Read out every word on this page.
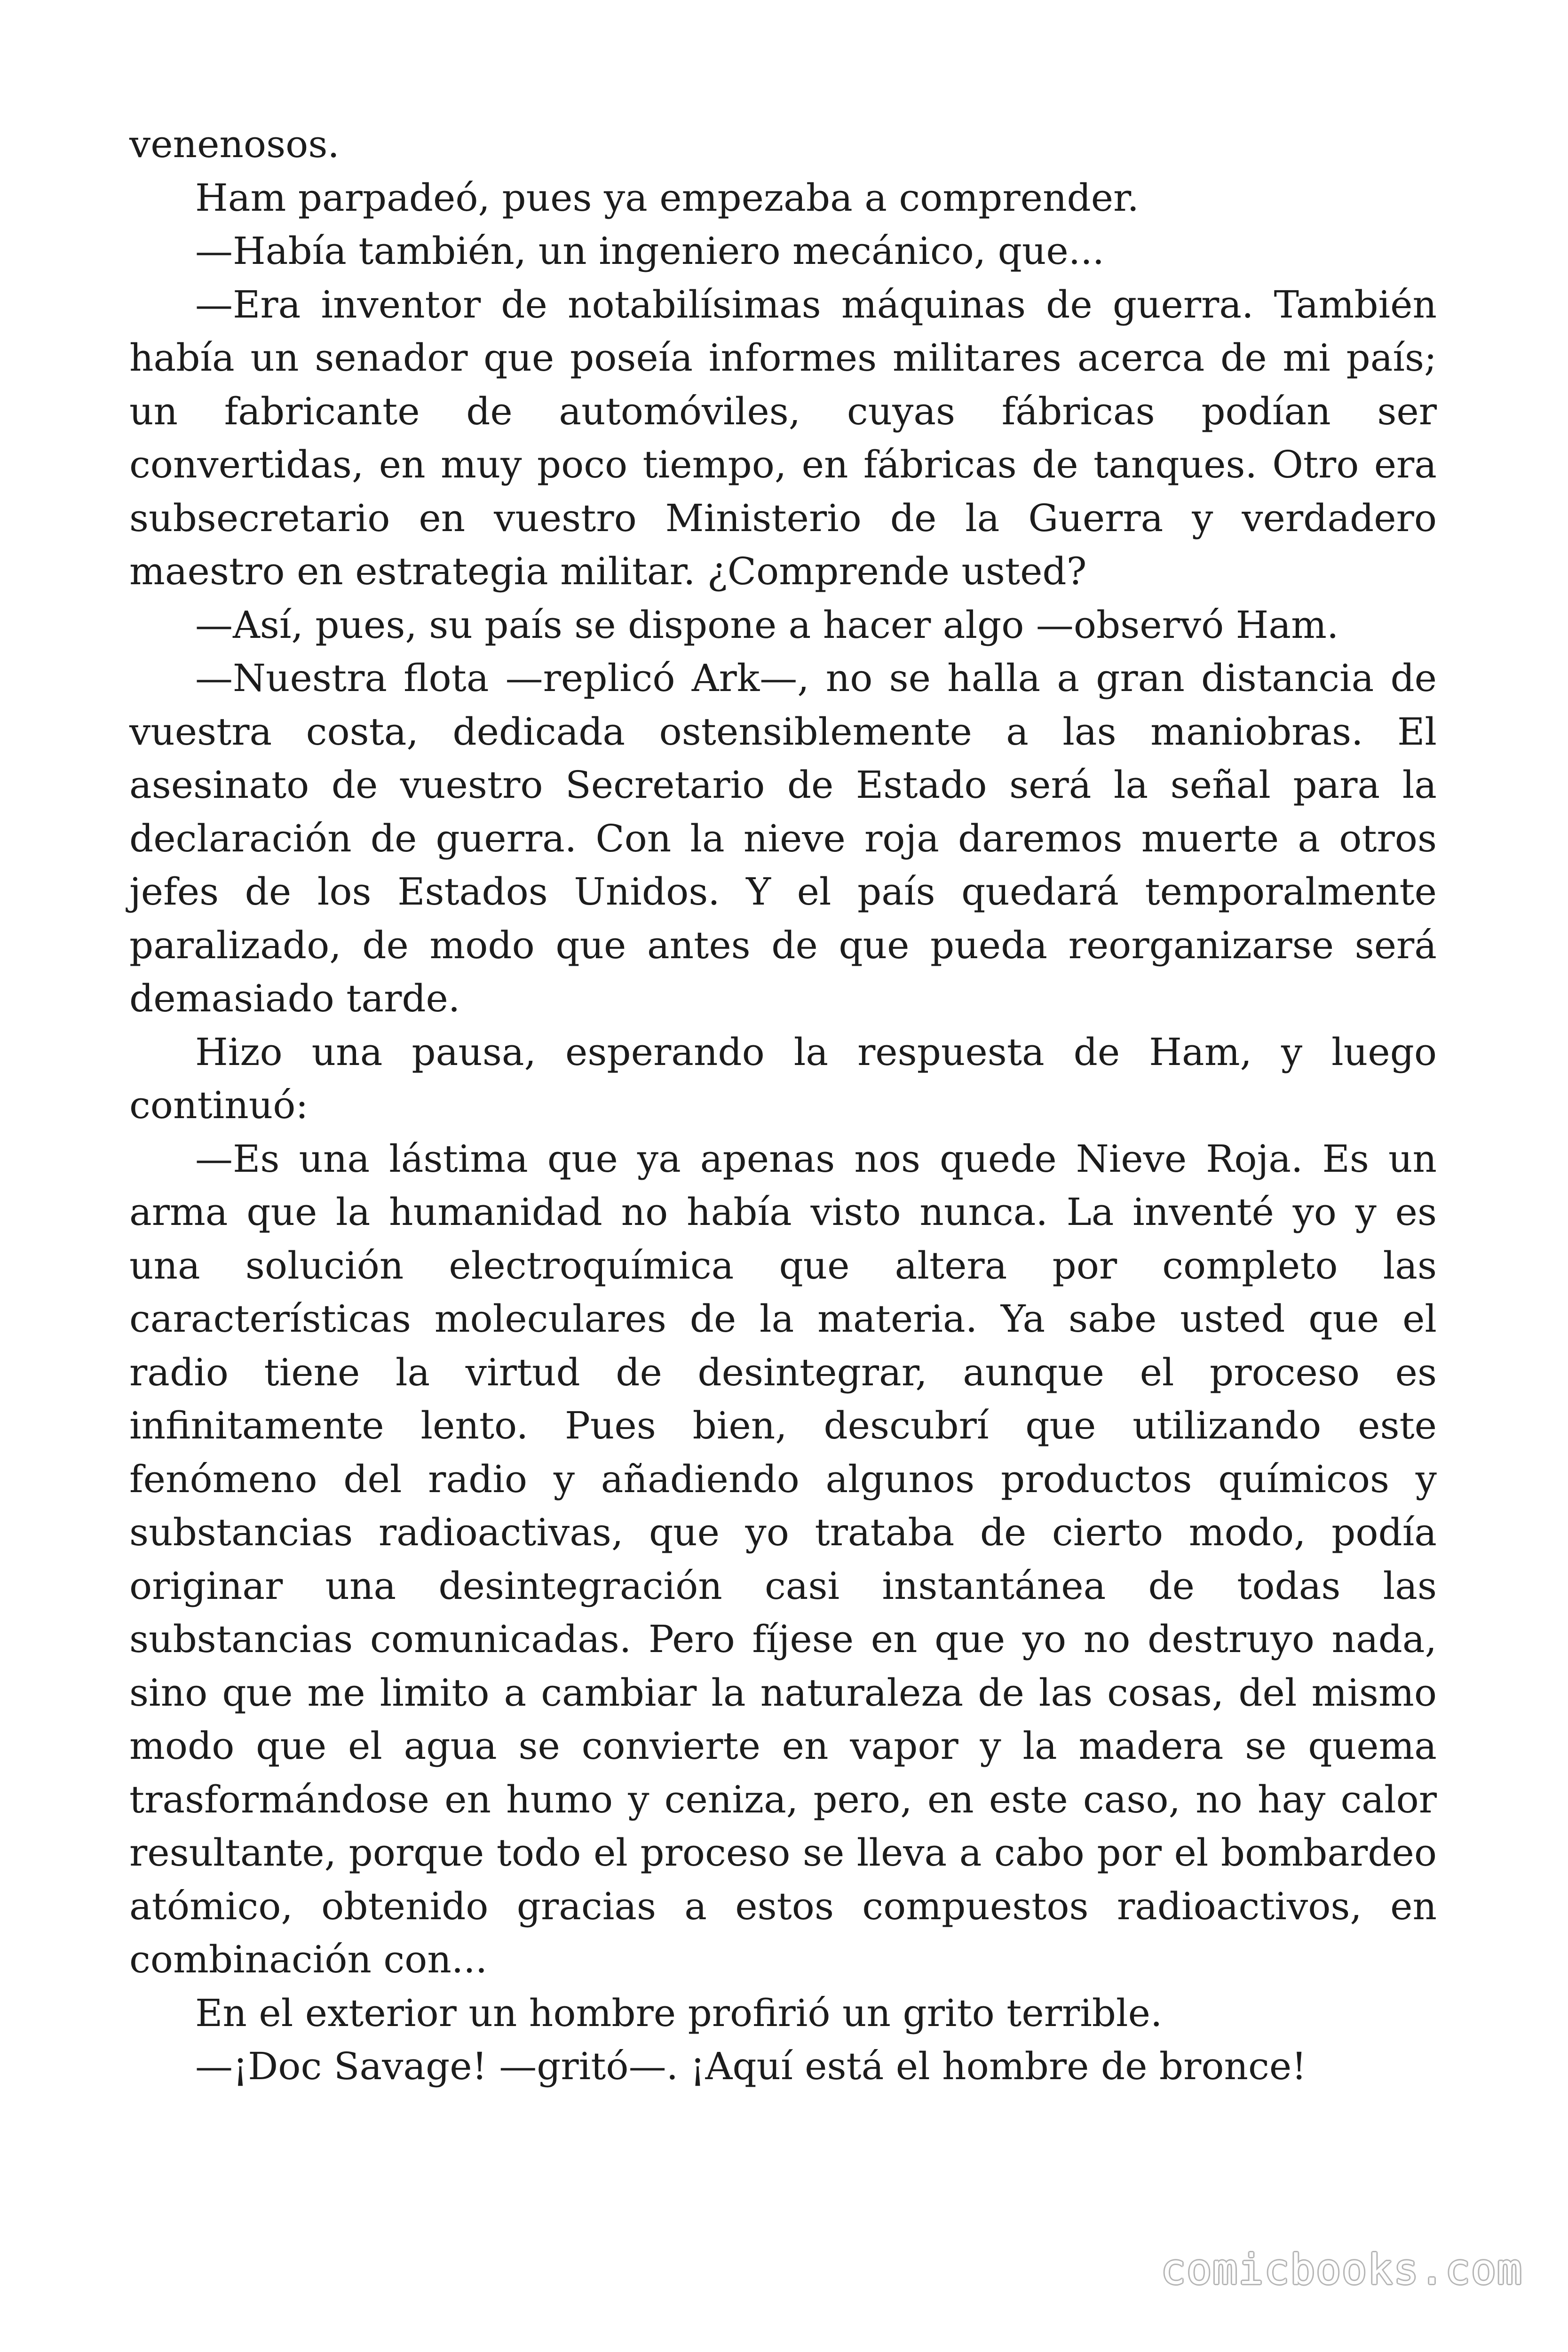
venenosos.

Ham parpadeó, pues ya empezaba a comprender.

—Había también, un ingeniero mecánico, que...

—Era inventor de notabilísimas máquinas de guerra. También había un senador que poseía informes militares acerca de mi país; un fabricante de automóviles, cuyas fábricas podían ser convertidas, en muy poco tiempo, en fábricas de tanques. Otro era subsecretario en vuestro Ministerio de la Guerra y verdadero maestro en estrategia militar. ¿Comprende usted?

—Así, pues, su país se dispone a hacer algo —observó Ham.

—Nuestra flota —replicó Ark—, no se halla a gran distancia de vuestra costa, dedicada ostensiblemente a las maniobras. El asesinato de vuestro Secretario de Estado será la señal para la declaración de guerra. Con la nieve roja daremos muerte a otros jefes de los Estados Unidos. Y el país quedará temporalmente paralizado, de modo que antes de que pueda reorganizarse será demasiado tarde.

Hizo una pausa, esperando la respuesta de Ham, y luego continuó:

—Es una lástima que ya apenas nos quede Nieve Roja. Es un arma que la humanidad no había visto nunca. La inventé yo y es una solución electroquímica que altera por completo las características moleculares de la materia. Ya sabe usted que el radio tiene la virtud de desintegrar, aunque el proceso es infinitamente lento. Pues bien, descubrí que utilizando este fenómeno del radio y añadiendo algunos productos químicos y substancias radioactivas, que yo trataba de cierto modo, podía originar una desintegración casi instantánea de todas las substancias comunicadas. Pero fíjese en que yo no destruyo nada, sino que me limito a cambiar la naturaleza de las cosas, del mismo modo que el agua se convierte en vapor y la madera se quema trasformándose en humo y ceniza, pero, en este caso, no hay calor resultante, porque todo el proceso se lleva a cabo por el bombardeo atómico, obtenido gracias a estos compuestos radioactivos, en combinación con...

En el exterior un hombre profirió un grito terrible.

—¡Doc Savage! —gritó—. ¡Aquí está el hombre de bronce!

comicbooks.com
